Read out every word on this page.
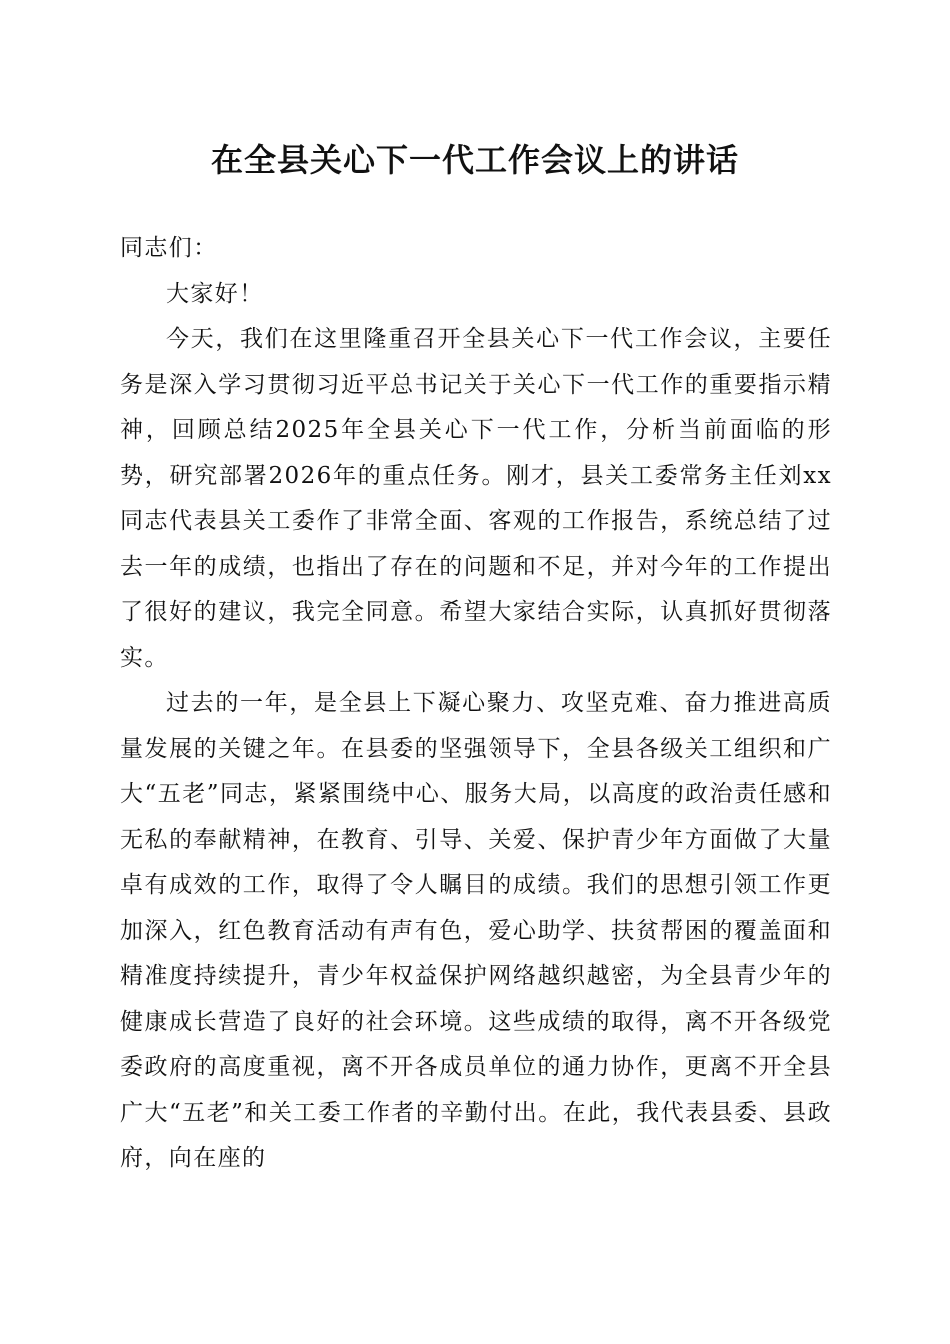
在全县关心下一代工作会议上的讲话

同志们：

大家好！

今天，我们在这里隆重召开全县关心下一代工作会议，主要任务是深入学习贯彻习近平总书记关于关心下一代工作的重要指示精神，回顾总结2025年全县关心下一代工作，分析当前面临的形势，研究部署2026年的重点任务。刚才，县关工委常务主任刘xx同志代表县关工委作了非常全面、客观的工作报告，系统总结了过去一年的成绩，也指出了存在的问题和不足，并对今年的工作提出了很好的建议，我完全同意。希望大家结合实际，认真抓好贯彻落实。

过去的一年，是全县上下凝心聚力、攻坚克难、奋力推进高质量发展的关键之年。在县委的坚强领导下，全县各级关工组织和广大“五老”同志，紧紧围绕中心、服务大局，以高度的政治责任感和无私的奉献精神，在教育、引导、关爱、保护青少年方面做了大量卓有成效的工作，取得了令人瞩目的成绩。我们的思想引领工作更加深入，红色教育活动有声有色，爱心助学、扶贫帮困的覆盖面和精准度持续提升，青少年权益保护网络越织越密，为全县青少年的健康成长营造了良好的社会环境。这些成绩的取得，离不开各级党委政府的高度重视，离不开各成员单位的通力协作，更离不开全县广大“五老”和关工委工作者的辛勤付出。在此，我代表县委、县政府，向在座的
